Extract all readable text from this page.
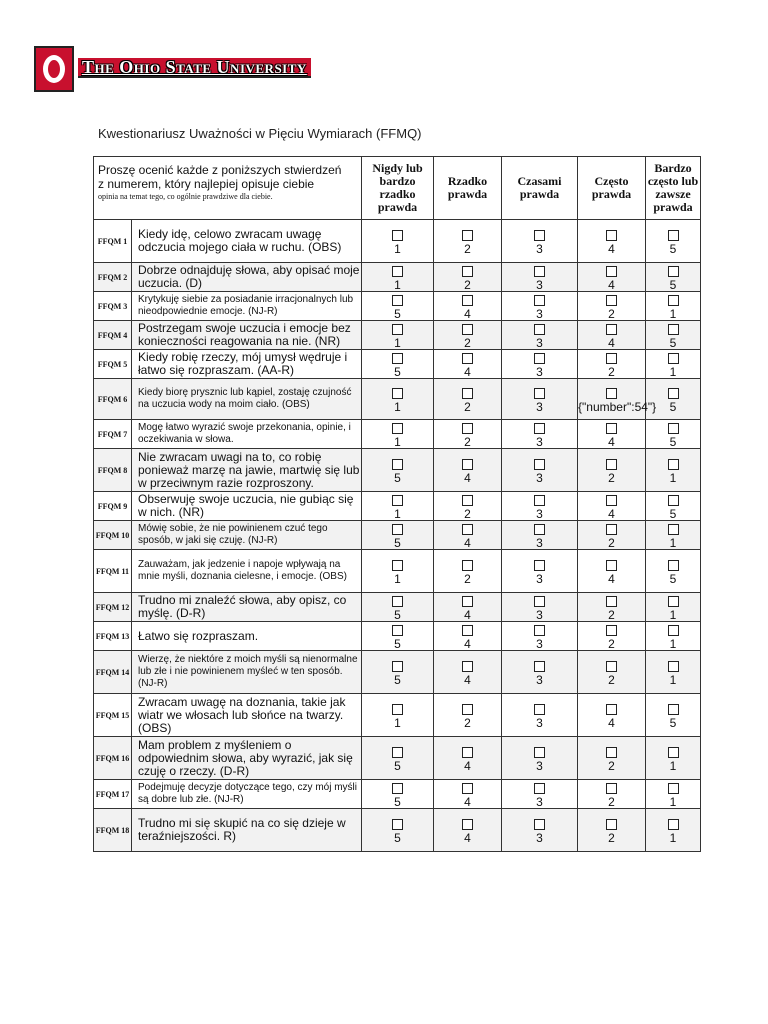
The Ohio State University
Kwestionariusz Uważności w Pięciu Wymiarach (FFMQ)
Proszę ocenić każde z poniższych stwierdzeń
z numerem, który najlepiej opisuje ciebie
opinia na temat tego, co ogólnie prawdziwe dla ciebie.		Nigdy lub bardzo rzadko prawda	Rzadko prawda	Czasami prawda	Często prawda	Bardzo często lub zawsze prawda
FFQM 1	Kiedy idę, celowo zwracam uwagę odczucia mojego ciała w ruchu. (OBS)	1	2	3	4	5

FFQM 2	Dobrze odnajduję słowa, aby opisać moje uczucia. (D)	1	2	3	4	5

FFQM 3	Krytykuję siebie za posiadanie irracjonalnych lub nieodpowiednie emocje. (NJ-R)	5	4	3	2	1

FFQM 4	Postrzegam swoje uczucia i emocje bez konieczności reagowania na nie. (NR)	1	2	3	4	5

FFQM 5	Kiedy robię rzeczy, mój umysł wędruje i łatwo się rozpraszam. (AA-R)	5	4	3	2	1

FFQM 6	Kiedy biorę prysznic lub kąpiel, zostaję czujność na uczucia wody na moim ciało. (OBS)	1	2	3	{"number":54"}	5

FFQM 7	Mogę łatwo wyrazić swoje przekonania, opinie, i oczekiwania w słowa.	1	2	3	4	5

FFQM 8	Nie zwracam uwagi na to, co robię ponieważ marzę na jawie, martwię się lub w przeciwnym razie rozproszony.	5	4	3	2	1

FFQM 9	Obserwuję swoje uczucia, nie gubiąc się w nich. (NR)	1	2	3	4	5

FFQM 10	Mówię sobie, że nie powinienem czuć tego sposób, w jaki się czuję. (NJ-R)	5	4	3	2	1

FFQM 11	Zauważam, jak jedzenie i napoje wpływają na mnie myśli, doznania cielesne, i emocje. (OBS)	1	2	3	4	5

FFQM 12	Trudno mi znaleźć słowa, aby opisz, co myślę. (D-R)	5	4	3	2	1

FFQM 13	Łatwo się rozpraszam.	5	4	3	2	1

FFQM 14	Wierzę, że niektóre z moich myśli są nienormalne lub złe i nie powinienem myśleć w ten sposób. (NJ-R)	5	4	3	2	1

FFQM 15	Zwracam uwagę na doznania, takie jak wiatr we włosach lub słońce na twarzy. (OBS)	1	2	3	4	5

FFQM 16	Mam problem z myśleniem o odpowiednim słowa, aby wyrazić, jak się czuję o rzeczy. (D-R)	5	4	3	2	1

FFQM 17	Podejmuję decyzje dotyczące tego, czy mój myśli są dobre lub złe. (NJ-R)	5	4	3	2	1

FFQM 18	Trudno mi się skupić na co się dzieje w teraźniejszości. R)	5	4	3	2	1
